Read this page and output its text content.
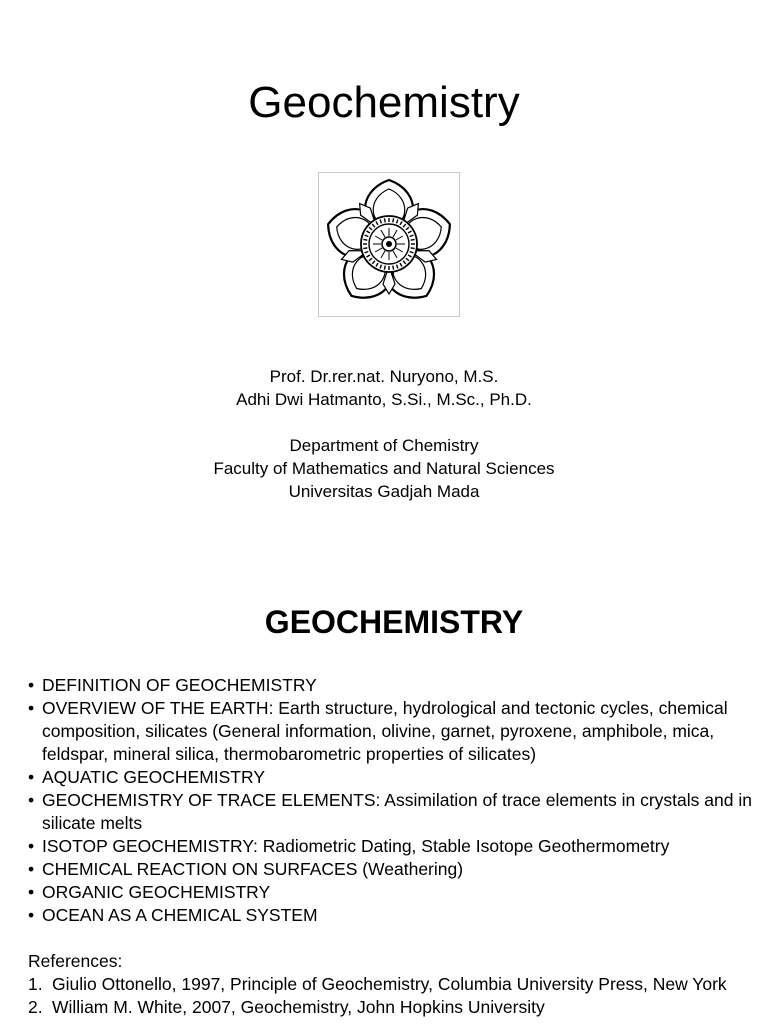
Geochemistry
Prof. Dr.rer.nat. Nuryono, M.S.
Adhi Dwi Hatmanto, S.Si., M.Sc., Ph.D.
Department of Chemistry
Faculty of Mathematics and Natural Sciences
Universitas Gadjah Mada
GEOCHEMISTRY
• DEFINITION OF GEOCHEMISTRY
• OVERVIEW OF THE EARTH: Earth structure, hydrological and tectonic cycles, chemical composition, silicates (General information, olivine, garnet, pyroxene, amphibole, mica, feldspar, mineral silica, thermobarometric properties of silicates)
• AQUATIC GEOCHEMISTRY
• GEOCHEMISTRY OF TRACE ELEMENTS: Assimilation of trace elements in crystals and in silicate melts
• ISOTOP GEOCHEMISTRY: Radiometric Dating, Stable Isotope Geothermometry
• CHEMICAL REACTION ON SURFACES (Weathering)
• ORGANIC GEOCHEMISTRY
• OCEAN AS A CHEMICAL SYSTEM
References:
1. Giulio Ottonello, 1997, Principle of Geochemistry, Columbia University Press, New York
2. William M. White, 2007, Geochemistry, John Hopkins University
